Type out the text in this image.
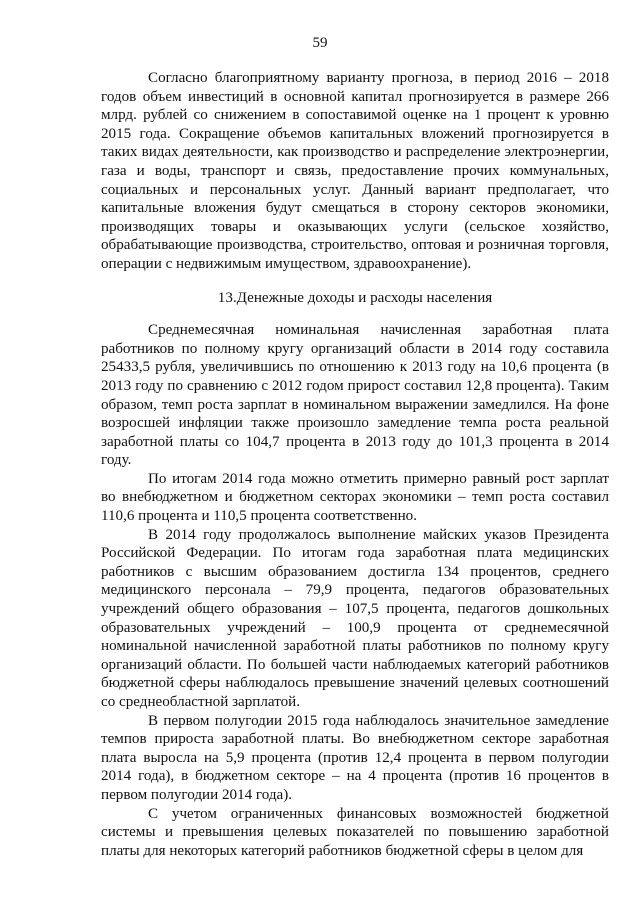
59

Согласно благоприятному варианту прогноза, в период 2016 – 2018 годов объем инвестиций в основной капитал прогнозируется в размере 266 млрд. рублей со снижением в сопоставимой оценке на 1 процент к уровню 2015 года. Сокращение объемов капитальных вложений прогнозируется в таких видах деятельности, как производство и распределение электроэнергии, газа и воды, транспорт и связь, предоставление прочих коммунальных, социальных и персональных услуг. Данный вариант предполагает, что капитальные вложения будут смещаться в сторону секторов экономики, производящих товары и оказывающих услуги (сельское хозяйство, обрабатывающие производства, строительство, оптовая и розничная торговля, операции с недвижимым имуществом, здравоохранение).

13.Денежные доходы и расходы населения

Среднемесячная номинальная начисленная заработная плата работников по полному кругу организаций области в 2014 году составила 25433,5 рубля, увеличившись по отношению к 2013 году на 10,6 процента (в 2013 году по сравнению с 2012 годом прирост составил 12,8 процента). Таким образом, темп роста зарплат в номинальном выражении замедлился. На фоне возросшей инфляции также произошло замедление темпа роста реальной заработной платы со 104,7 процента в 2013 году до 101,3 процента в 2014 году.

По итогам 2014 года можно отметить примерно равный рост зарплат во внебюджетном и бюджетном секторах экономики – темп роста составил 110,6 процента и 110,5 процента соответственно.

В 2014 году продолжалось выполнение майских указов Президента Российской Федерации. По итогам года заработная плата медицинских работников с высшим образованием достигла 134 процентов, среднего медицинского персонала – 79,9 процента, педагогов образовательных учреждений общего образования – 107,5 процента, педагогов дошкольных образовательных учреждений – 100,9 процента от среднемесячной номинальной начисленной заработной платы работников по полному кругу организаций области. По большей части наблюдаемых категорий работников бюджетной сферы наблюдалось превышение значений целевых соотношений со среднеобластной зарплатой.

В первом полугодии 2015 года наблюдалось значительное замедление темпов прироста заработной платы. Во внебюджетном секторе заработная плата выросла на 5,9 процента (против 12,4 процента в первом полугодии 2014 года), в бюджетном секторе – на 4 процента (против 16 процентов в первом полугодии 2014 года).

С учетом ограниченных финансовых возможностей бюджетной системы и превышения целевых показателей по повышению заработной платы для некоторых категорий работников бюджетной сферы в целом для
